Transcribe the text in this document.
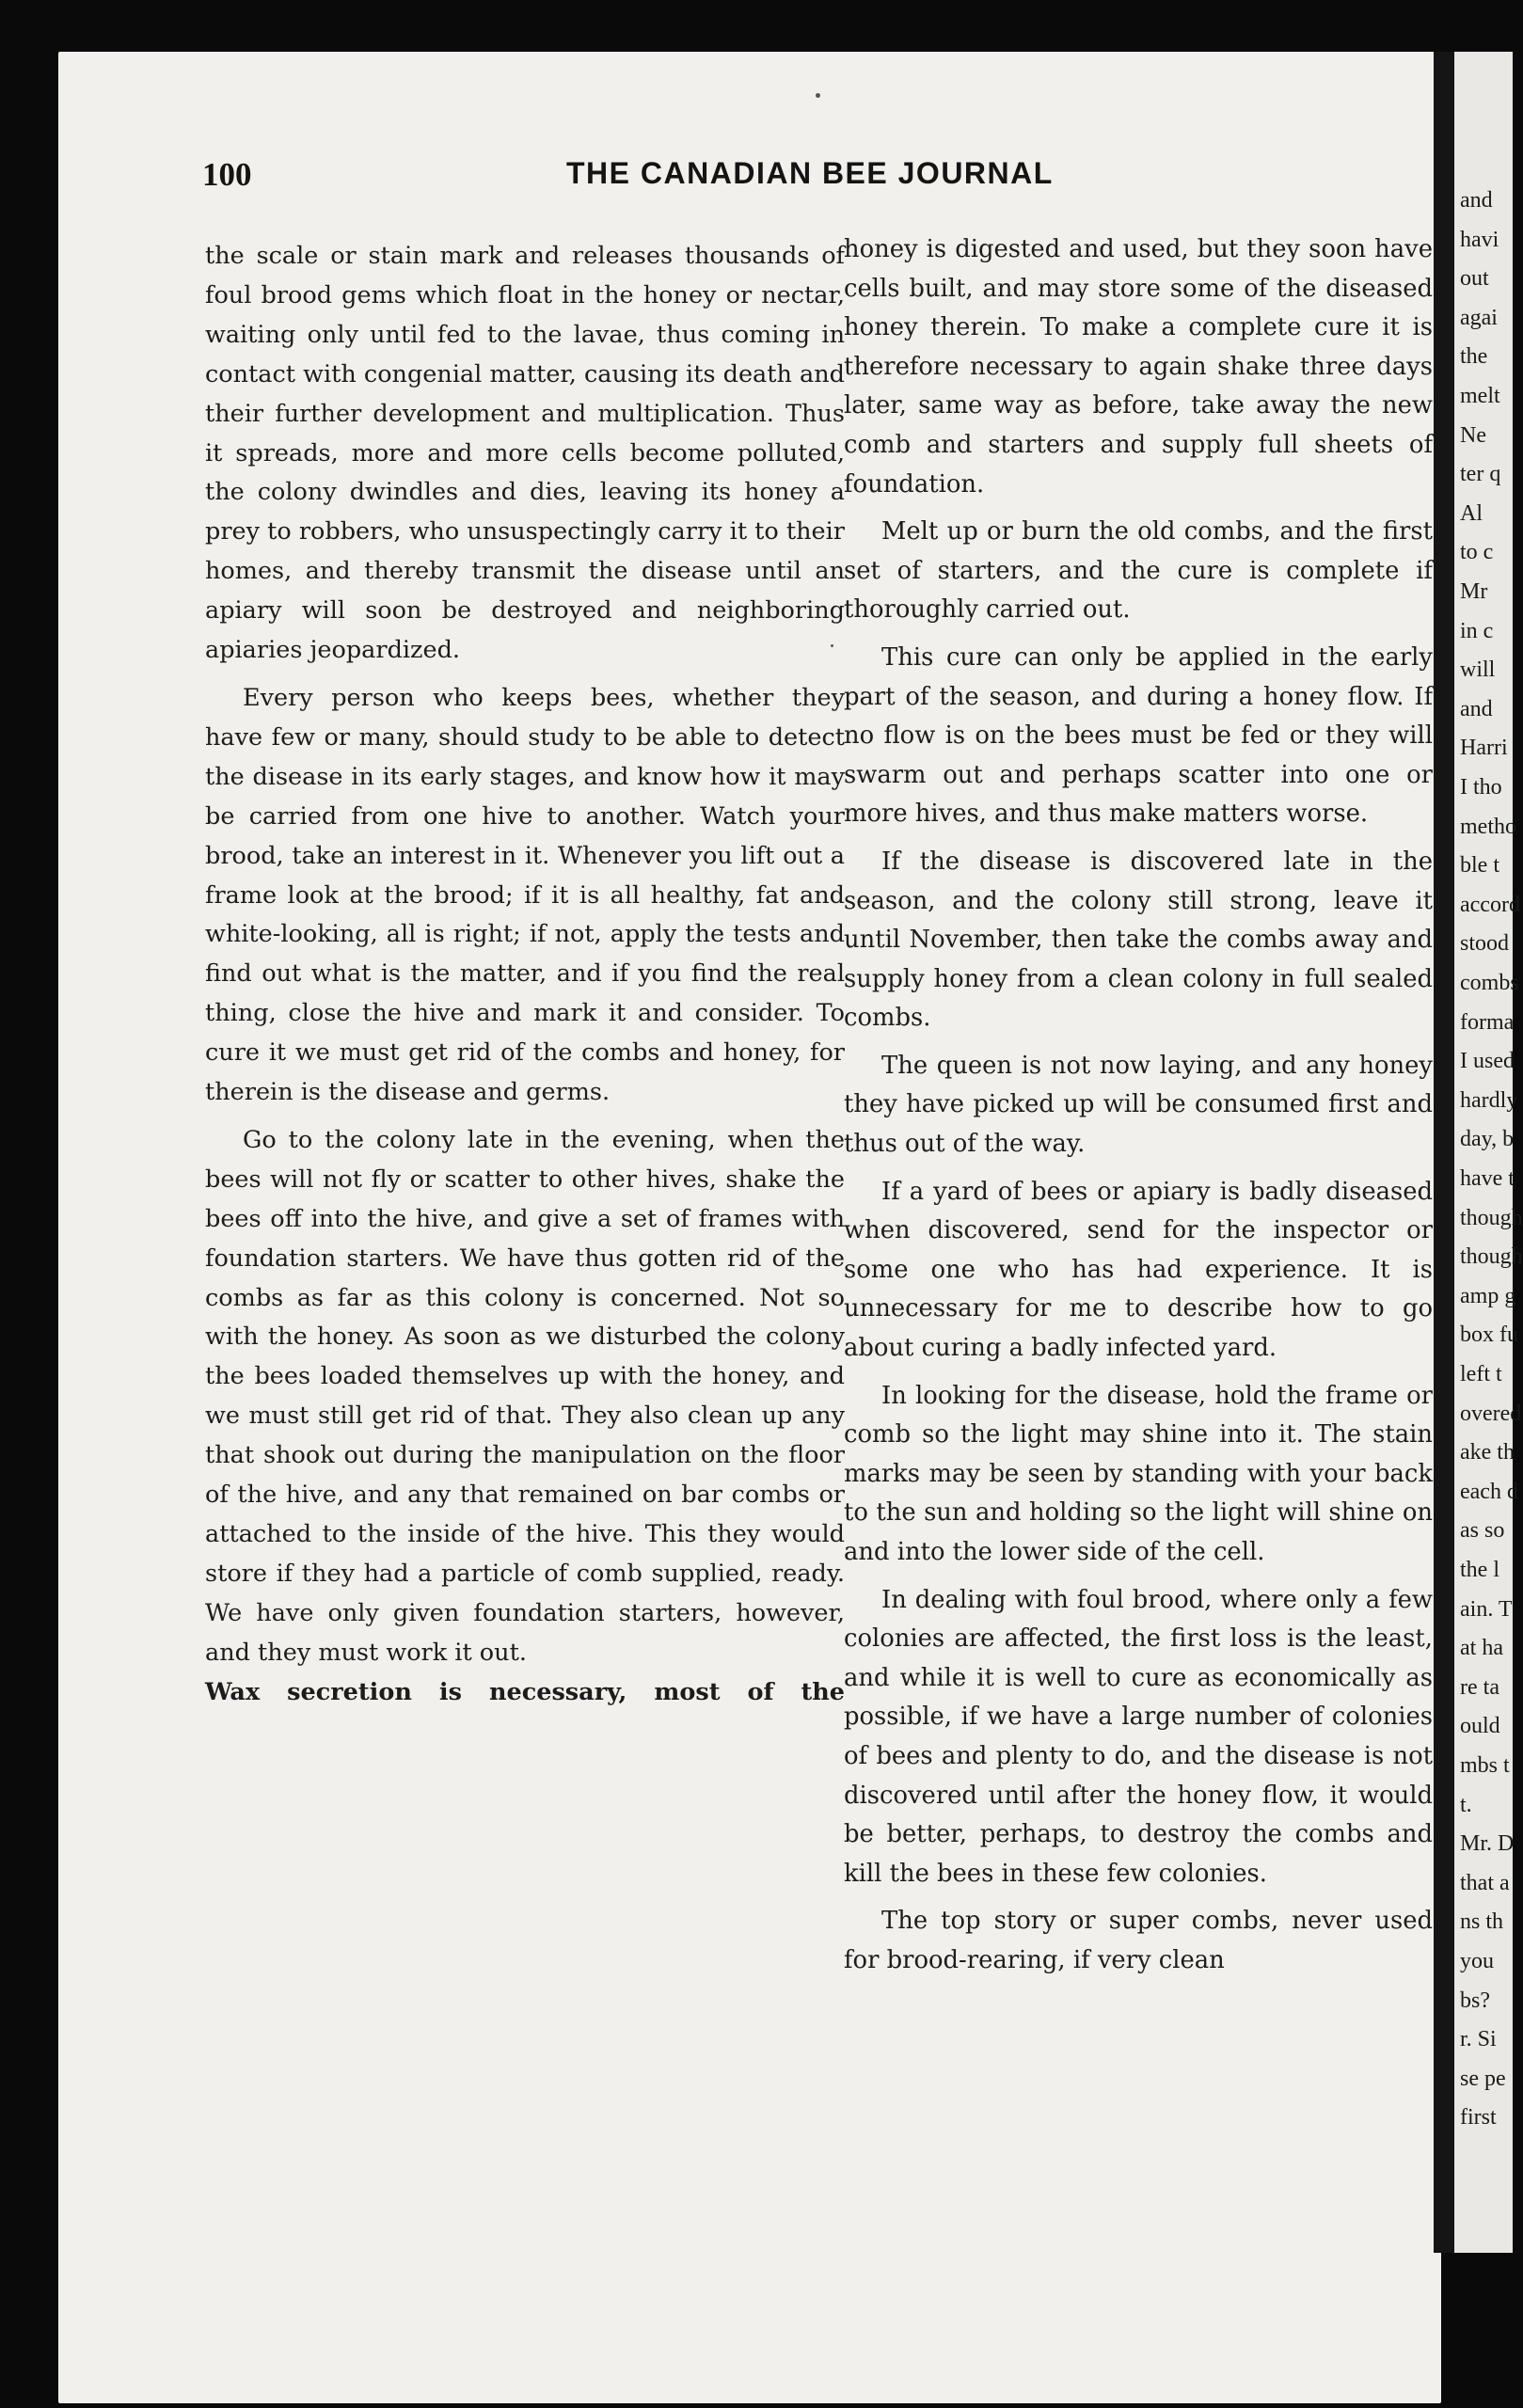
and
havi
out
agai
the
melt
Ne
ter q
Al
to c
Mr
in c
will
and
Harri
I tho
metho
ble t
accord
stood
combs
forma
I used
hardly
day, b
have t
though
though
amp g
box fu
left t
overed
ake th
each d
as so
the l
ain. T
at ha
re ta
ould
mbs t
t.
Mr. D
that a
ns th
you
bs?
r. Si
se pe
first
100	THE CANADIAN BEE JOURNAL

the scale or stain mark and releases thousands of foul brood gems which float in the honey or nectar, waiting only until fed to the lavae, thus coming in contact with congenial matter, causing its death and their further development and multiplication. Thus it spreads, more and more cells become polluted, the colony dwindles and dies, leaving its honey a prey to robbers, who unsuspectingly carry it to their homes, and thereby transmit the disease until an apiary will soon be destroyed and neighboring apiaries jeopardized.

Every person who keeps bees, whether they have few or many, should study to be able to detect the disease in its early stages, and know how it may be carried from one hive to another. Watch your brood, take an interest in it. Whenever you lift out a frame look at the brood; if it is all healthy, fat and white-looking, all is right; if not, apply the tests and find out what is the matter, and if you find the real thing, close the hive and mark it and consider. To cure it we must get rid of the combs and honey, for therein is the disease and germs.

Go to the colony late in the evening, when the bees will not fly or scatter to other hives, shake the bees off into the hive, and give a set of frames with foundation starters. We have thus gotten rid of the combs as far as this colony is concerned. Not so with the honey. As soon as we disturbed the colony the bees loaded themselves up with the honey, and we must still get rid of that. They also clean up any that shook out during the manipulation on the floor of the hive, and any that remained on bar combs or attached to the inside of the hive. This they would store if they had a particle of comb supplied, ready. We have only given foundation starters, however, and they must work it out.

Wax secretion is necessary, most of the

honey is digested and used, but they soon have cells built, and may store some of the diseased honey therein. To make a complete cure it is therefore necessary to again shake three days later, same way as before, take away the new comb and starters and supply full sheets of foundation.

Melt up or burn the old combs, and the first set of starters, and the cure is complete if thoroughly carried out.

This cure can only be applied in the early part of the season, and during a honey flow. If no flow is on the bees must be fed or they will swarm out and perhaps scatter into one or more hives, and thus make matters worse.

If the disease is discovered late in the season, and the colony still strong, leave it until November, then take the combs away and supply honey from a clean colony in full sealed combs.

The queen is not now laying, and any honey they have picked up will be consumed first and thus out of the way.

If a yard of bees or apiary is badly diseased when discovered, send for the inspector or some one who has had experience. It is unnecessary for me to describe how to go about curing a badly infected yard.

In looking for the disease, hold the frame or comb so the light may shine into it. The stain marks may be seen by standing with your back to the sun and holding so the light will shine on and into the lower side of the cell.

In dealing with foul brood, where only a few colonies are affected, the first loss is the least, and while it is well to cure as economically as possible, if we have a large number of colonies of bees and plenty to do, and the disease is not discovered until after the honey flow, it would be better, perhaps, to destroy the combs and kill the bees in these few colonies.

The top story or super combs, never used for brood-rearing, if very clean
